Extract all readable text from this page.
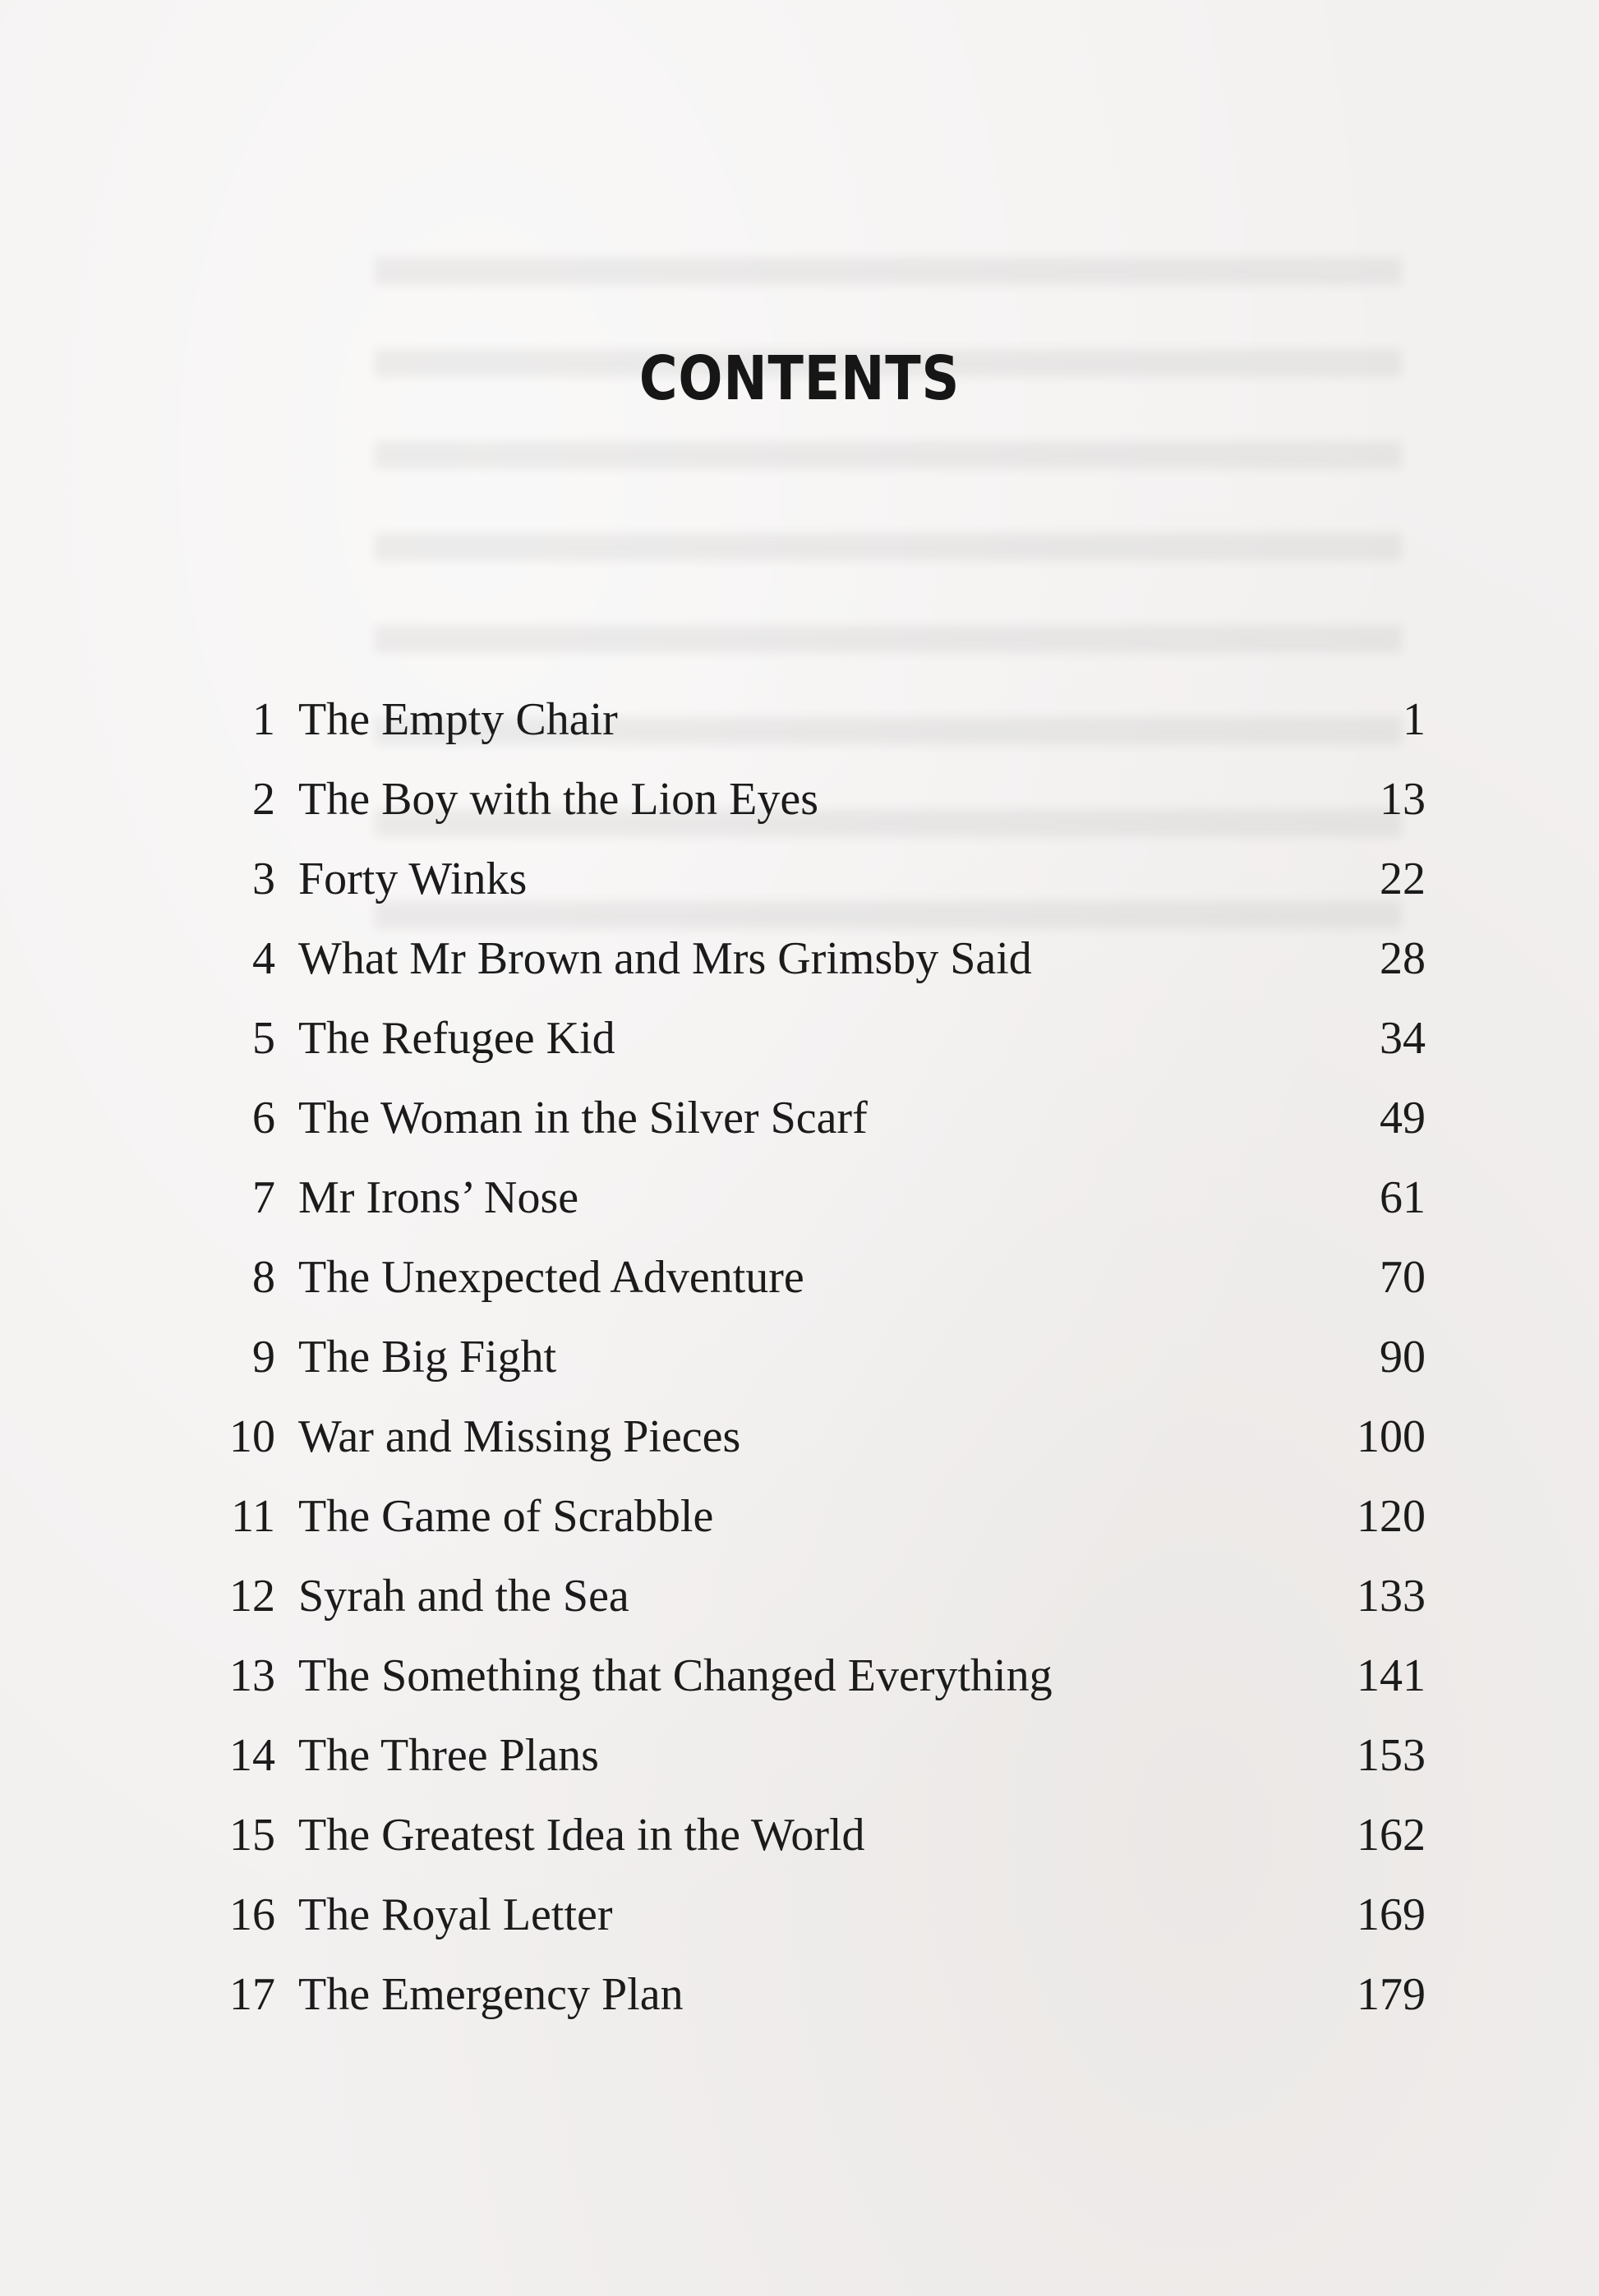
CONTENTS
1 The Empty Chair	1
2 The Boy with the Lion Eyes	13
3 Forty Winks	22
4 What Mr Brown and Mrs Grimsby Said	28
5 The Refugee Kid	34
6 The Woman in the Silver Scarf	49
7 Mr Irons’ Nose	61
8 The Unexpected Adventure	70
9 The Big Fight	90
10 War and Missing Pieces	100
11 The Game of Scrabble	120
12 Syrah and the Sea	133
13 The Something that Changed Everything	141
14 The Three Plans	153
15 The Greatest Idea in the World	162
16 The Royal Letter	169
17 The Emergency Plan	179
